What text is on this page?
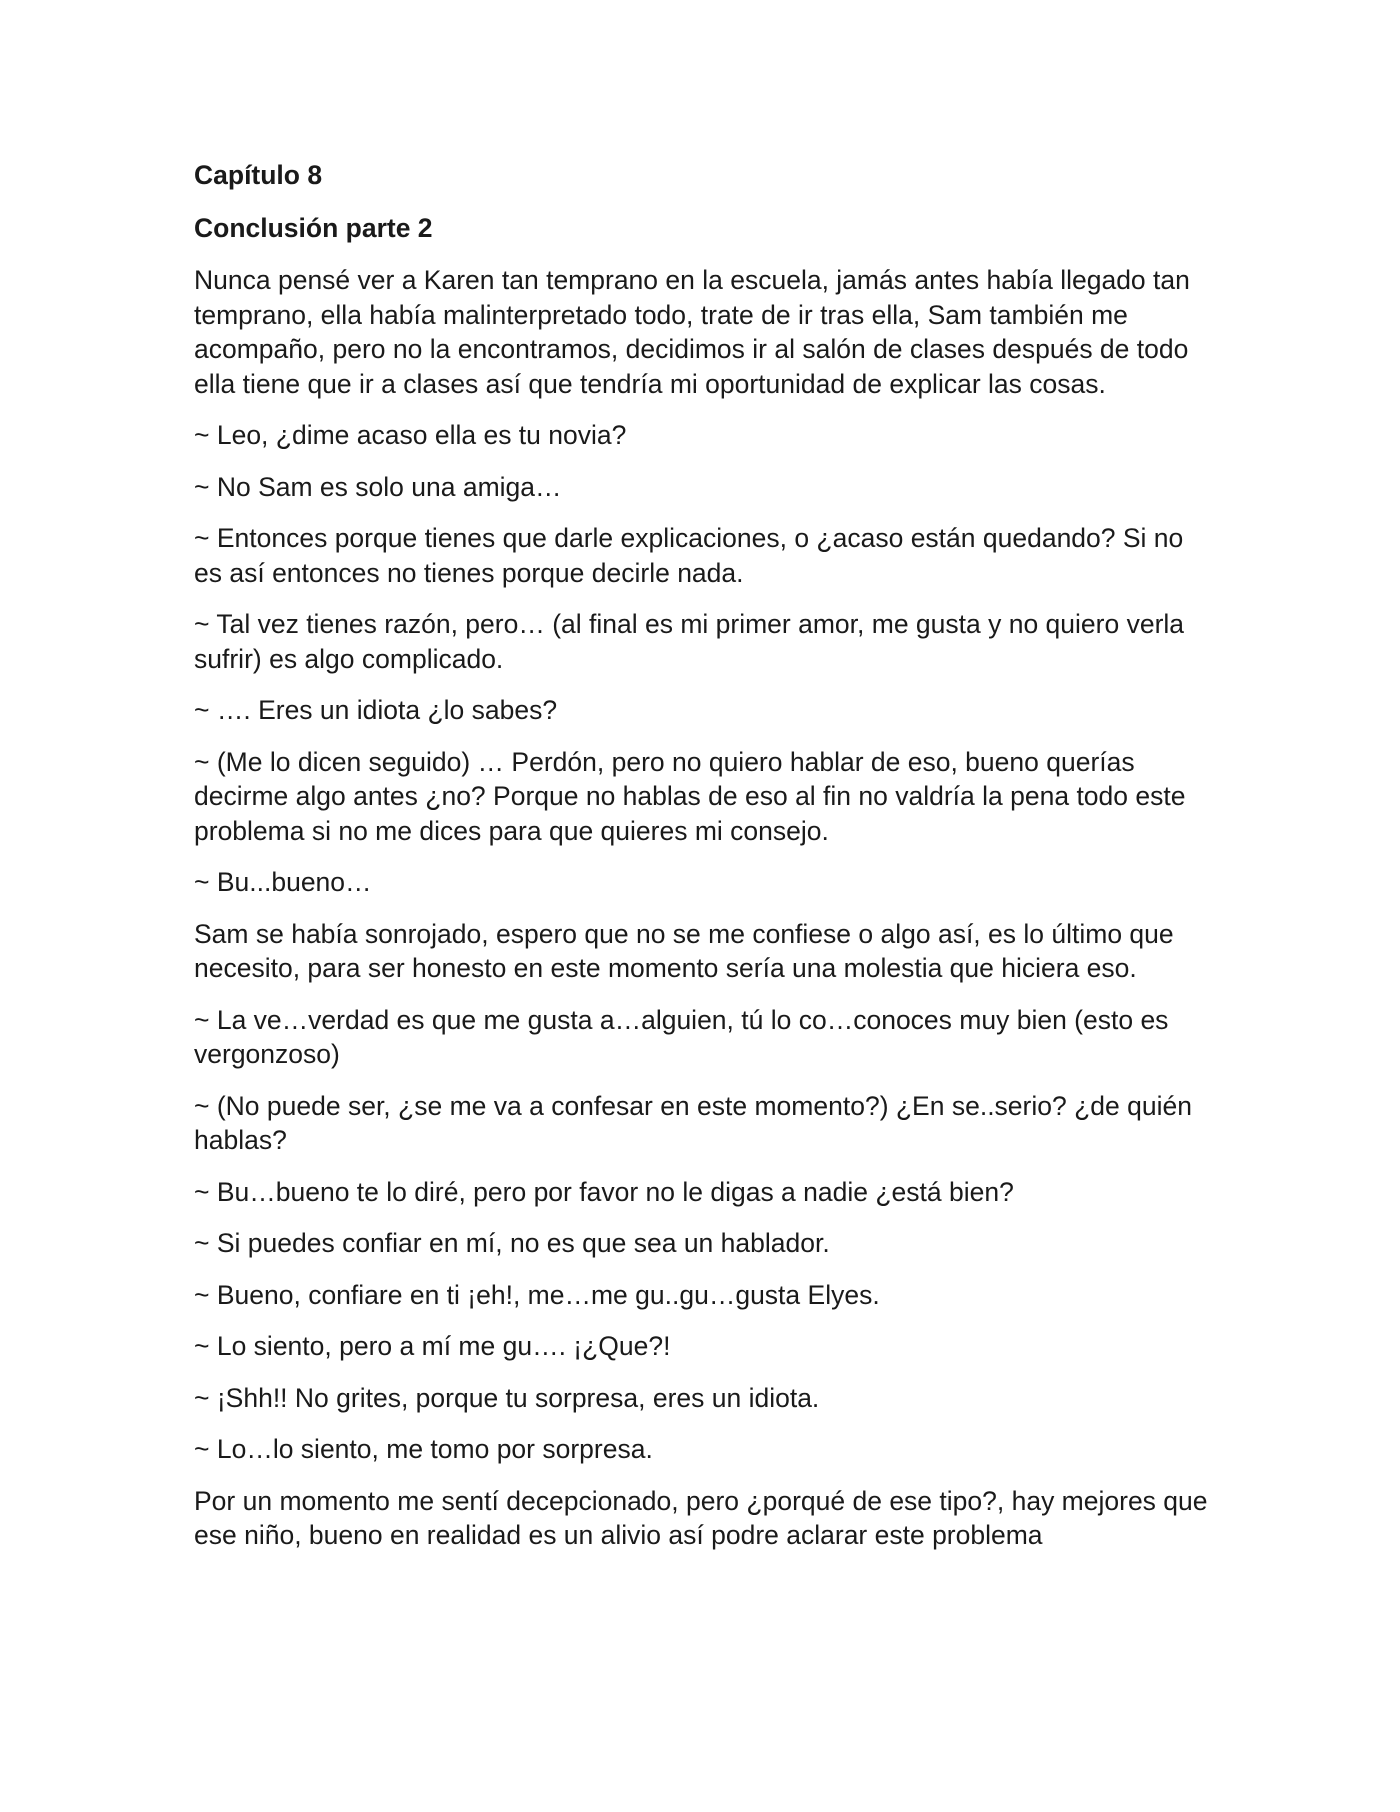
Capítulo 8
Conclusión parte 2
Nunca pensé ver a Karen tan temprano en la escuela, jamás antes había llegado tan temprano, ella había malinterpretado todo, trate de ir tras ella, Sam también me acompaño, pero no la encontramos, decidimos ir al salón de clases después de todo ella tiene que ir a clases así que tendría mi oportunidad de explicar las cosas.
~ Leo, ¿dime acaso ella es tu novia?
~ No Sam es solo una amiga…
~ Entonces porque tienes que darle explicaciones, o ¿acaso están quedando? Si no es así entonces no tienes porque decirle nada.
~ Tal vez tienes razón, pero… (al final es mi primer amor, me gusta y no quiero verla sufrir) es algo complicado.
~ …. Eres un idiota ¿lo sabes?
~ (Me lo dicen seguido) … Perdón, pero no quiero hablar de eso, bueno querías decirme algo antes ¿no? Porque no hablas de eso al fin no valdría la pena todo este problema si no me dices para que quieres mi consejo.
~ Bu...bueno…
Sam se había sonrojado, espero que no se me confiese o algo así, es lo último que necesito, para ser honesto en este momento sería una molestia que hiciera eso.
~ La ve…verdad es que me gusta a…alguien, tú lo co…conoces muy bien (esto es vergonzoso)
~ (No puede ser, ¿se me va a confesar en este momento?) ¿En se..serio? ¿de quién hablas?
~ Bu…bueno te lo diré, pero por favor no le digas a nadie ¿está bien?
~ Si puedes confiar en mí, no es que sea un hablador.
~ Bueno, confiare en ti ¡eh!, me…me gu..gu…gusta Elyes.
~ Lo siento, pero a mí me gu…. ¡¿Que?!
~ ¡Shh!! No grites, porque tu sorpresa, eres un idiota.
~ Lo…lo siento, me tomo por sorpresa.
Por un momento me sentí decepcionado, pero ¿porqué de ese tipo?, hay mejores que ese niño, bueno en realidad es un alivio así podre aclarar este problema
